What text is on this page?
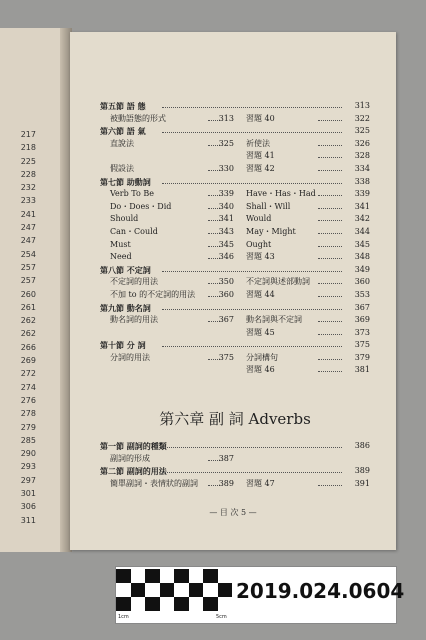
217
218
225
228
232
233
241
247
247
254
257
257
260
261
262
262
266
269
272
274
276
278
279
285
290
293
297
301
306
311
第五節 語 態	313
被動語態的形式	313 習題 40	322
第六節 語 氣	325
直說法	325 祈使法	326
習題 41	328
假設法	330 習題 42	334
第七節 助動詞	338
Verb To Be	339 Have・Has・Had	339
Do・Does・Did	340 Shall・Will	341
Should	341 Would	342
Can・Could	343 May・Might	344
Must	345 Ought	345
Need	346 習題 43	348
第八節 不定詞	349
不定詞的用法	350 不定詞與述部動詞	360
不加 to 的不定詞的用法	360 習題 44	353
第九節 動名詞	367
動名詞的用法	367 動名詞與不定詞	369
習題 45	373
第十節 分 詞	375
分詞的用法	375 分詞構句	379
習題 46	381
第六章 副 詞 Adverbs
第一節 副詞的種類	386
副詞的形成	387
第二節 副詞的用法	389
簡單副詞・表情狀的副詞	389 習題 47	391
— 目 次 5 —
1cm	5cm
2019.024.0604
